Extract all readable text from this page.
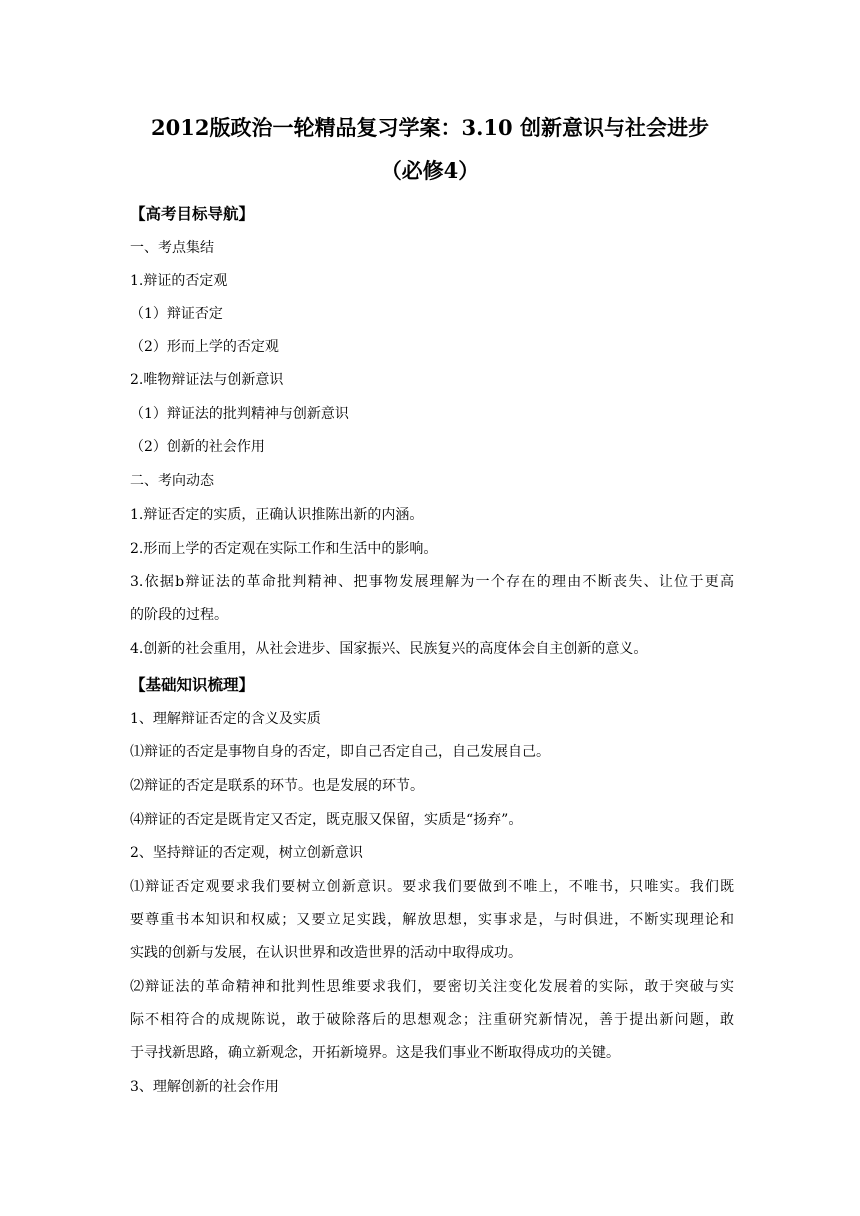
2012版政治一轮精品复习学案：3.10 创新意识与社会进步
（必修4）
【高考目标导航】
一、考点集结
1.辩证的否定观
（1）辩证否定
（2）形而上学的否定观
2.唯物辩证法与创新意识
（1）辩证法的批判精神与创新意识
（2）创新的社会作用
二、考向动态
1.辩证否定的实质，正确认识推陈出新的内涵。
2.形而上学的否定观在实际工作和生活中的影响。
3.依据b辩证法的革命批判精神、把事物发展理解为一个存在的理由不断丧失、让位于更高
的阶段的过程。
4.创新的社会重用，从社会进步、国家振兴、民族复兴的高度体会自主创新的意义。
【基础知识梳理】
1、理解辩证否定的含义及实质
⑴辩证的否定是事物自身的否定，即自己否定自己，自己发展自己。
⑵辩证的否定是联系的环节。也是发展的环节。
⑷辩证的否定是既肯定又否定，既克服又保留，实质是“扬弃”。
2、坚持辩证的否定观，树立创新意识
⑴辩证否定观要求我们要树立创新意识。要求我们要做到不唯上，不唯书，只唯实。我们既
要尊重书本知识和权威；又要立足实践，解放思想，实事求是，与时俱进，不断实现理论和
实践的创新与发展，在认识世界和改造世界的活动中取得成功。
⑵辩证法的革命精神和批判性思维要求我们，要密切关注变化发展着的实际，敢于突破与实
际不相符合的成规陈说，敢于破除落后的思想观念；注重研究新情况，善于提出新问题，敢
于寻找新思路，确立新观念，开拓新境界。这是我们事业不断取得成功的关键。
3、理解创新的社会作用
